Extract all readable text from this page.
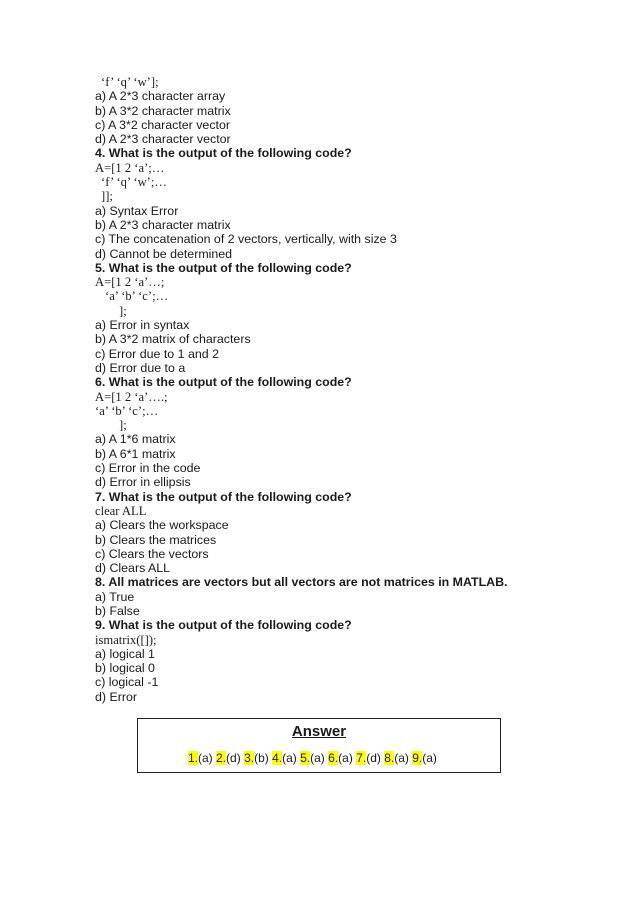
‘f’ ‘q’ ‘w’];
a) A 2*3 character array
b) A 3*2 character matrix
c) A 3*2 character vector
d) A 2*3 character vector
4. What is the output of the following code?
A=[1 2 ‘a’;…
‘f’ ‘q’ ‘w’;…
]];
a) Syntax Error
b) A 2*3 character matrix
c) The concatenation of 2 vectors, vertically, with size 3
d) Cannot be determined
5. What is the output of the following code?
A=[1 2 ‘a’…;
‘a’ ‘b’ ‘c’;…
];
a) Error in syntax
b) A 3*2 matrix of characters
c) Error due to 1 and 2
d) Error due to a
6. What is the output of the following code?
A=[1 2 ‘a’….;
‘a’ ‘b’ ‘c’;…
];
a) A 1*6 matrix
b) A 6*1 matrix
c) Error in the code
d) Error in ellipsis
7. What is the output of the following code?
clear ALL
a) Clears the workspace
b) Clears the matrices
c) Clears the vectors
d) Clears ALL
8. All matrices are vectors but all vectors are not matrices in MATLAB.
a) True
b) False
9. What is the output of the following code?
ismatrix([]);
a) logical 1
b) logical 0
c) logical -1
d) Error
Answer
1.(a) 2.(d) 3.(b) 4.(a) 5.(a) 6.(a) 7.(d) 8.(a) 9.(a)
